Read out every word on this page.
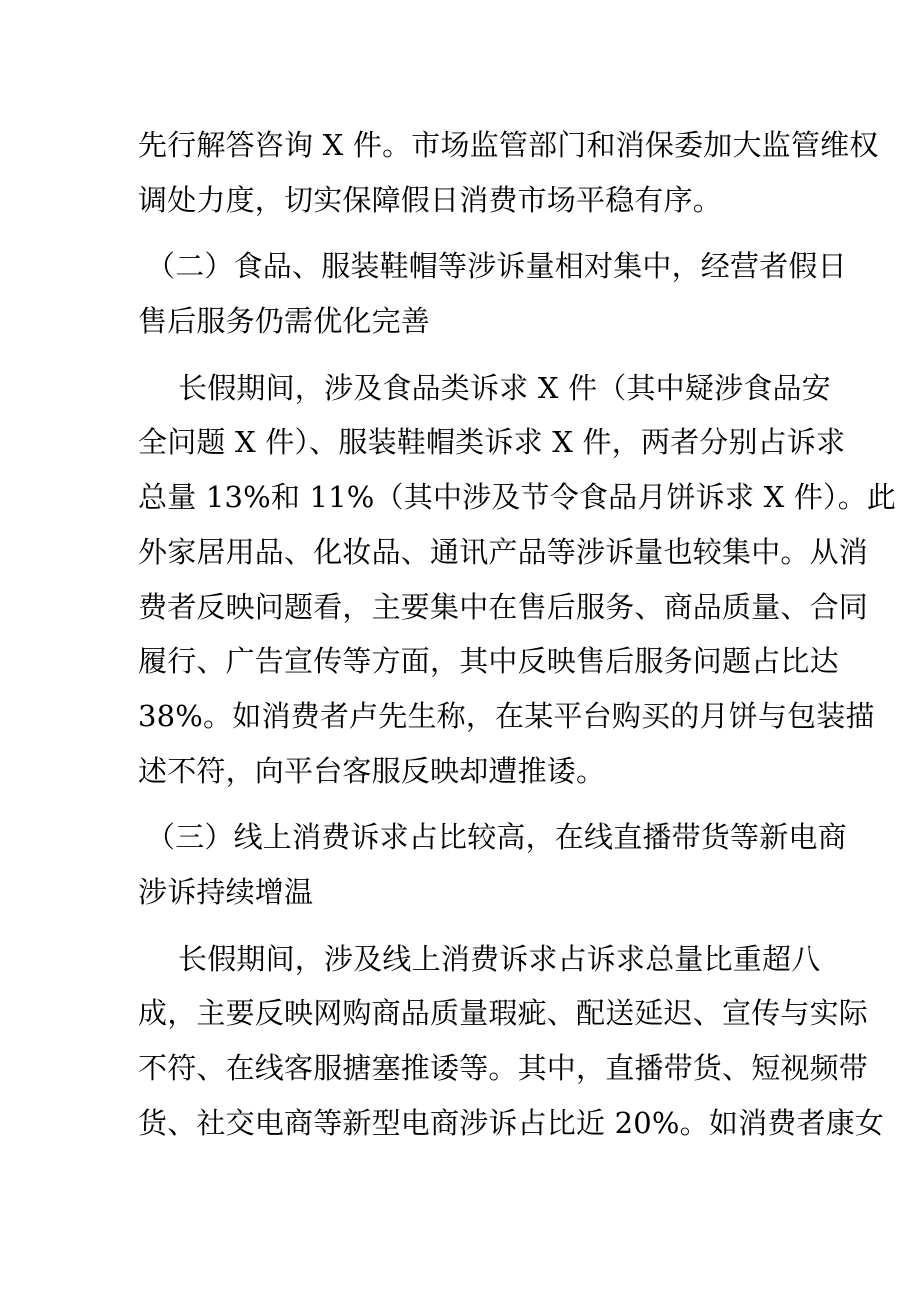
先行解答咨询 X 件。市场监管部门和消保委加大监管维权
调处力度，切实保障假日消费市场平稳有序。
（二）食品、服装鞋帽等涉诉量相对集中，经营者假日
售后服务仍需优化完善
长假期间，涉及食品类诉求 X 件（其中疑涉食品安
全问题 X 件）、服装鞋帽类诉求 X 件，两者分别占诉求
总量 13%和 11%（其中涉及节令食品月饼诉求 X 件）。此
外家居用品、化妆品、通讯产品等涉诉量也较集中。从消
费者反映问题看，主要集中在售后服务、商品质量、合同
履行、广告宣传等方面，其中反映售后服务问题占比达
38%。如消费者卢先生称，在某平台购买的月饼与包装描
述不符，向平台客服反映却遭推诿。
（三）线上消费诉求占比较高，在线直播带货等新电商
涉诉持续增温
长假期间，涉及线上消费诉求占诉求总量比重超八
成，主要反映网购商品质量瑕疵、配送延迟、宣传与实际
不符、在线客服搪塞推诿等。其中，直播带货、短视频带
货、社交电商等新型电商涉诉占比近 20%。如消费者康女
